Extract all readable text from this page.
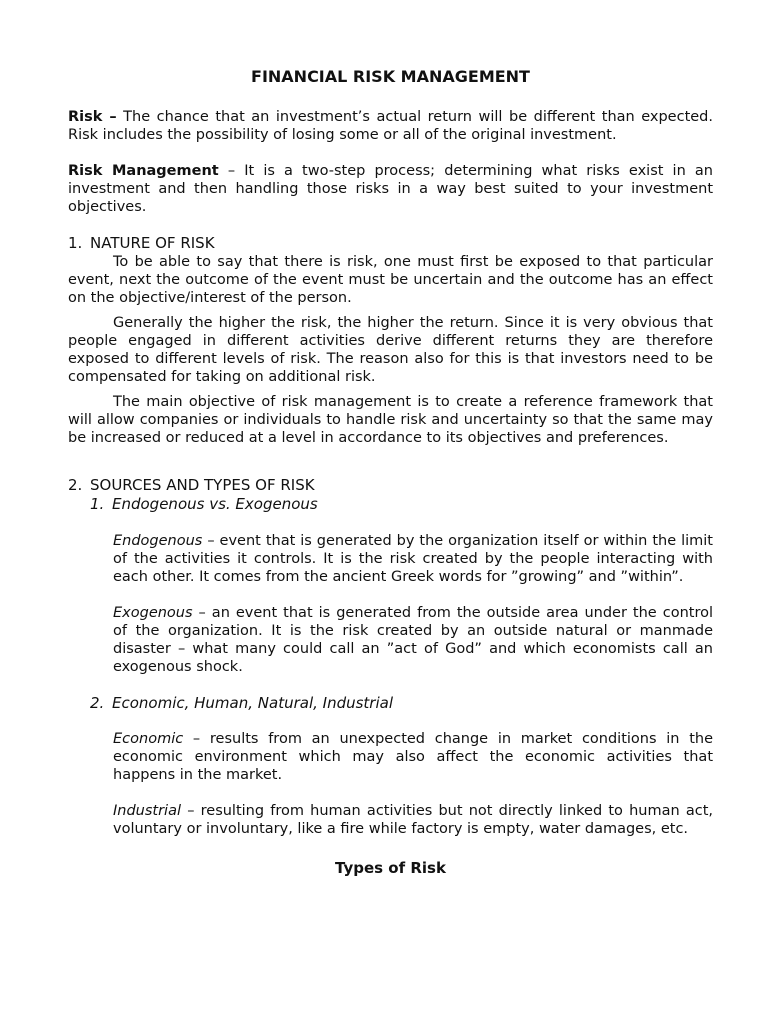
FINANCIAL RISK MANAGEMENT

Risk – The chance that an investment’s actual return will be different than expected. Risk includes the possibility of losing some or all of the original investment.

Risk Management – It is a two-step process; determining what risks exist in an investment and then handling those risks in a way best suited to your investment objectives.

1. NATURE OF RISK

To be able to say that there is risk, one must first be exposed to that particular event, next the outcome of the event must be uncertain and the outcome has an effect on the objective/interest of the person.

Generally the higher the risk, the higher the return. Since it is very obvious that people engaged in different activities derive different returns they are therefore exposed to different levels of risk. The reason also for this is that investors need to be compensated for taking on additional risk.

The main objective of risk management is to create a reference framework that will allow companies or individuals to handle risk and uncertainty so that the same may be increased or reduced at a level in accordance to its objectives and preferences.

2. SOURCES AND TYPES OF RISK
1. Endogenous vs. Exogenous

Endogenous – event that is generated by the organization itself or within the limit of the activities it controls. It is the risk created by the people interacting with each other. It comes from the ancient Greek words for ”growing” and ”within”.

Exogenous – an event that is generated from the outside area under the control of the organization. It is the risk created by an outside natural or manmade disaster – what many could call an ”act of God” and which economists call an exogenous shock.

2. Economic, Human, Natural, Industrial

Economic – results from an unexpected change in market conditions in the economic environment which may also affect the economic activities that happens in the market.

Industrial – resulting from human activities but not directly linked to human act, voluntary or involuntary, like a fire while factory is empty, water damages, etc.

Types of Risk
